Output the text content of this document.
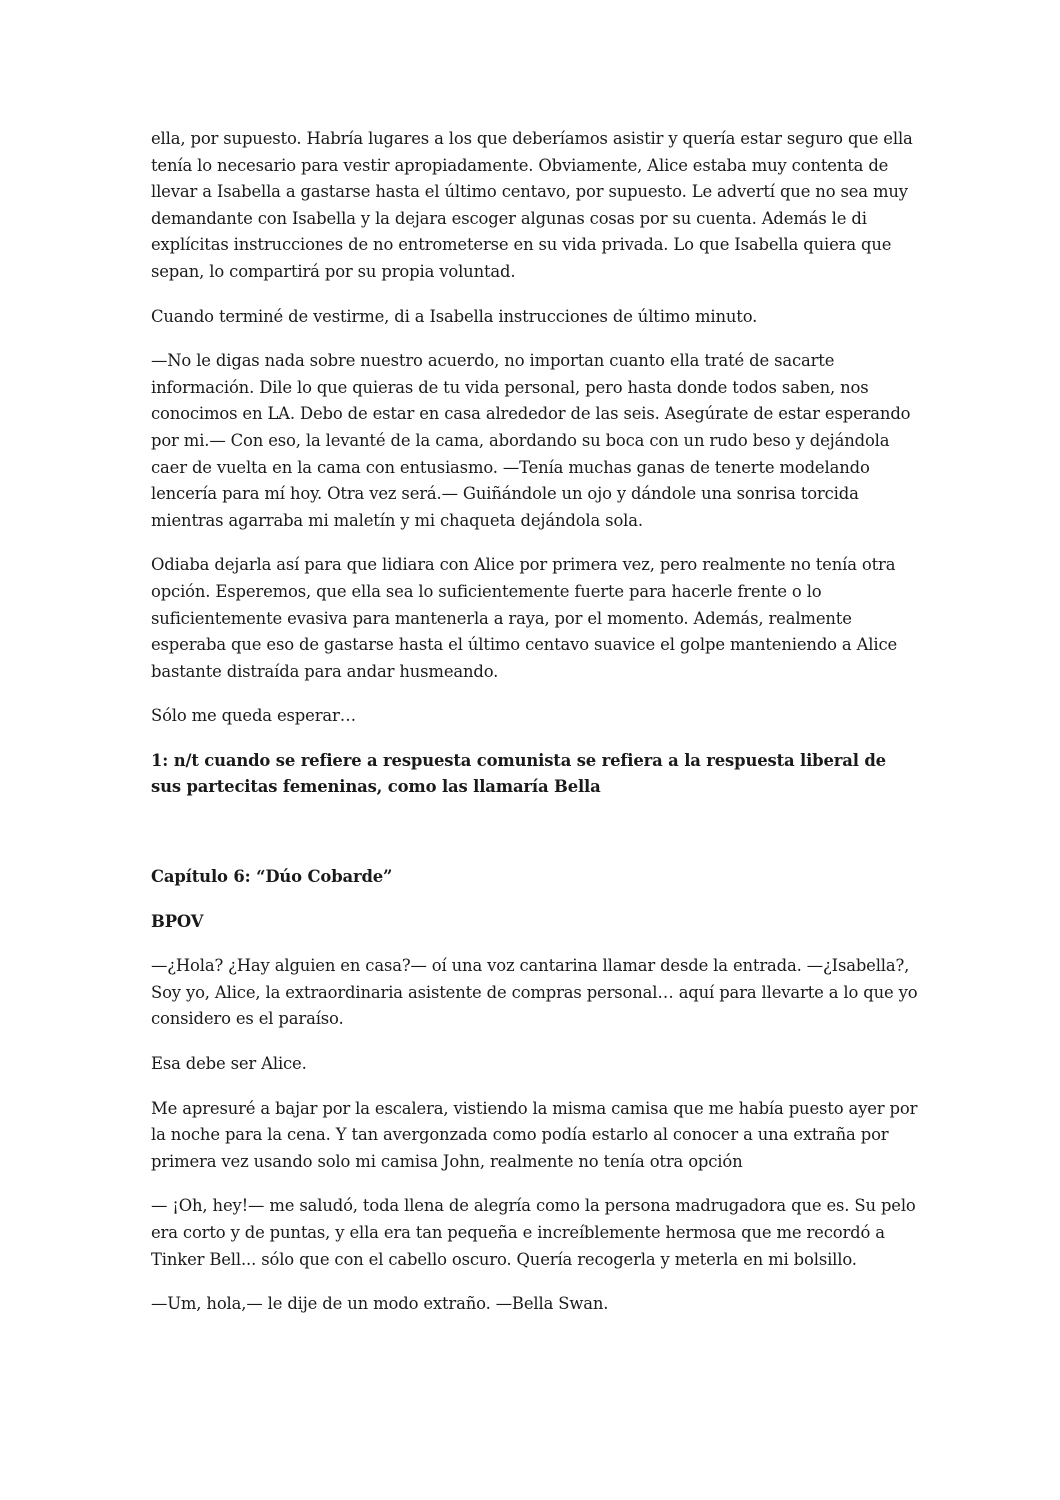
ella, por supuesto. Habría lugares a los que deberíamos asistir y quería estar seguro que ella tenía lo necesario para vestir apropiadamente. Obviamente, Alice estaba muy contenta de llevar a Isabella a gastarse hasta el último centavo, por supuesto. Le advertí que no sea muy demandante con Isabella y la dejara escoger algunas cosas por su cuenta. Además le di explícitas instrucciones de no entrometerse en su vida privada. Lo que Isabella quiera que sepan, lo compartirá por su propia voluntad.

Cuando terminé de vestirme, di a Isabella instrucciones de último minuto.

—No le digas nada sobre nuestro acuerdo, no importan cuanto ella traté de sacarte información. Dile lo que quieras de tu vida personal, pero hasta donde todos saben, nos conocimos en LA. Debo de estar en casa alrededor de las seis. Asegúrate de estar esperando por mi.— Con eso, la levanté de la cama, abordando su boca con un rudo beso y dejándola caer de vuelta en la cama con entusiasmo. —Tenía muchas ganas de tenerte modelando lencería para mí hoy. Otra vez será.— Guiñándole un ojo y dándole una sonrisa torcida mientras agarraba mi maletín y mi chaqueta dejándola sola.

Odiaba dejarla así para que lidiara con Alice por primera vez, pero realmente no tenía otra opción. Esperemos, que ella sea lo suficientemente fuerte para hacerle frente o lo suficientemente evasiva para mantenerla a raya, por el momento. Además, realmente esperaba que eso de gastarse hasta el último centavo suavice el golpe manteniendo a Alice bastante distraída para andar husmeando.

Sólo me queda esperar…

1: n/t cuando se refiere a respuesta comunista se refiera a la respuesta liberal de sus partecitas femeninas, como las llamaría Bella

Capítulo 6: “Dúo Cobarde”

BPOV

—¿Hola? ¿Hay alguien en casa?— oí una voz cantarina llamar desde la entrada. —¿Isabella?, Soy yo, Alice, la extraordinaria asistente de compras personal… aquí para llevarte a lo que yo considero es el paraíso.

Esa debe ser Alice.

Me apresuré a bajar por la escalera, vistiendo la misma camisa que me había puesto ayer por la noche para la cena. Y tan avergonzada como podía estarlo al conocer a una extraña por primera vez usando solo mi camisa John, realmente no tenía otra opción

— ¡Oh, hey!— me saludó, toda llena de alegría como la persona madrugadora que es. Su pelo era corto y de puntas, y ella era tan pequeña e increíblemente hermosa que me recordó a Tinker Bell... sólo que con el cabello oscuro. Quería recogerla y meterla en mi bolsillo.

—Um, hola,— le dije de un modo extraño. —Bella Swan.
